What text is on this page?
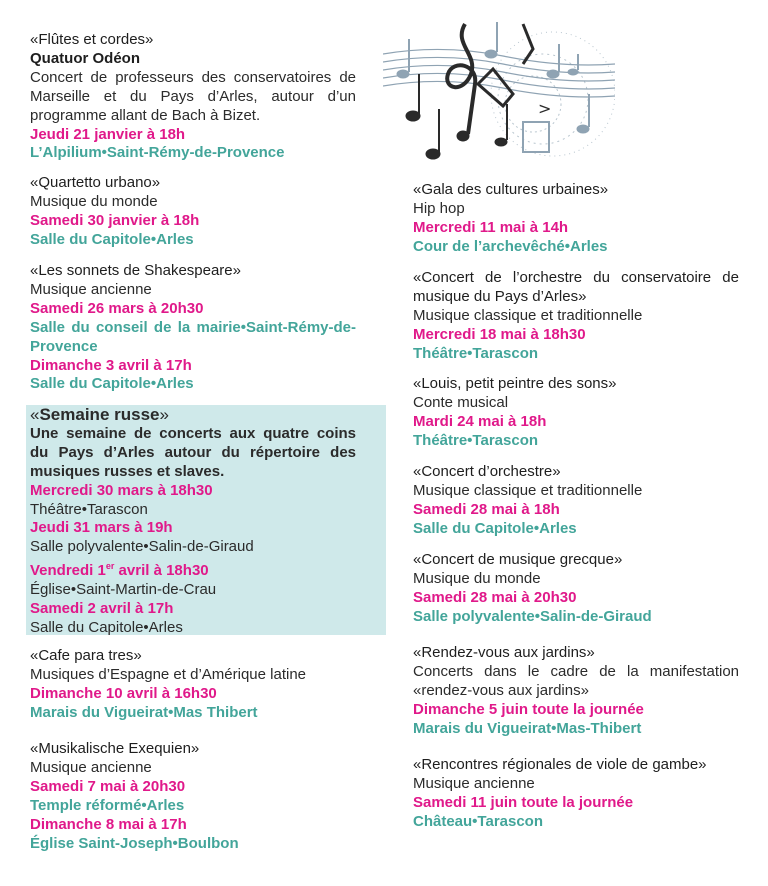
>
«Flûtes et cordes»
Quatuor Odéon
Concert de professeurs des conservatoires de Marseille et du Pays d’Arles, autour d’un programme allant de Bach à Bizet.
Jeudi 21 janvier à 18h
L’Alpilium•Saint-Rémy-de-Provence
«Quartetto urbano»
Musique du monde
Samedi 30 janvier à 18h
Salle du Capitole•Arles
«Les sonnets de Shakespeare»
Musique ancienne
Samedi 26 mars à 20h30
Salle du conseil de la mairie•Saint-Rémy-de-Provence
Dimanche 3 avril à 17h
Salle du Capitole•Arles
«Semaine russe»
Une semaine de concerts aux quatre coins du Pays d’Arles autour du répertoire des musiques russes et slaves.
Mercredi 30 mars à 18h30
Théâtre•Tarascon
Jeudi 31 mars à 19h
Salle polyvalente•Salin-de-Giraud
Vendredi 1er avril à 18h30
Église•Saint-Martin-de-Crau
Samedi 2 avril à 17h
Salle du Capitole•Arles
«Cafe para tres»
Musiques d’Espagne et d’Amérique latine
Dimanche 10 avril à 16h30
Marais du Vigueirat•Mas Thibert
«Musikalische Exequien»
Musique ancienne
Samedi 7 mai à 20h30
Temple réformé•Arles
Dimanche 8 mai à 17h
Église Saint-Joseph•Boulbon
«Gala des cultures urbaines»
Hip hop
Mercredi 11 mai à 14h
Cour de l’archevêché•Arles
«Concert de l’orchestre du conservatoire de musique du Pays d’Arles»
Musique classique et traditionnelle
Mercredi 18 mai à 18h30
Théâtre•Tarascon
«Louis, petit peintre des sons»
Conte musical
Mardi 24 mai à 18h
Théâtre•Tarascon
«Concert d’orchestre»
Musique classique et traditionnelle
Samedi 28 mai à 18h
Salle du Capitole•Arles
«Concert de musique grecque»
Musique du monde
Samedi 28 mai à 20h30
Salle polyvalente•Salin-de-Giraud
«Rendez-vous aux jardins»
Concerts dans le cadre de la manifestation «rendez-vous aux jardins»
Dimanche 5 juin toute la journée
Marais du Vigueirat•Mas-Thibert
«Rencontres régionales de viole de gambe»
Musique ancienne
Samedi 11 juin toute la journée
Château•Tarascon
